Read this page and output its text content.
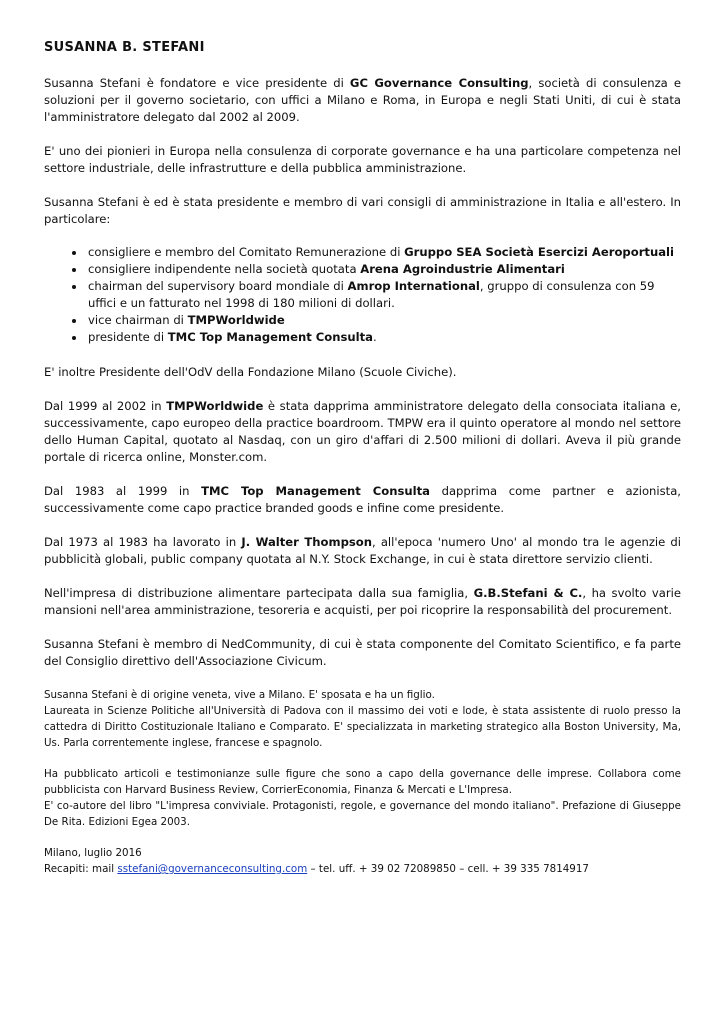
SUSANNA B. STEFANI

Susanna Stefani è fondatore e vice presidente di GC Governance Consulting, società di consulenza e soluzioni per il governo societario, con uffici a Milano e Roma, in Europa e negli Stati Uniti, di cui è stata l'amministratore delegato dal 2002 al 2009.

E' uno dei pionieri in Europa nella consulenza di corporate governance e ha una particolare competenza nel settore industriale, delle infrastrutture e della pubblica amministrazione.

Susanna Stefani è ed è stata presidente e membro di vari consigli di amministrazione in Italia e all'estero. In particolare:

• consigliere e membro del Comitato Remunerazione di Gruppo SEA Società Esercizi Aeroportuali
• consigliere indipendente nella società quotata Arena Agroindustrie Alimentari
• chairman del supervisory board mondiale di Amrop International, gruppo di consulenza con 59 uffici e un fatturato nel 1998 di 180 milioni di dollari.
• vice chairman di TMPWorldwide
• presidente di TMC Top Management Consulta.

E' inoltre Presidente dell'OdV della Fondazione Milano (Scuole Civiche).

Dal 1999 al 2002 in TMPWorldwide è stata dapprima amministratore delegato della consociata italiana e, successivamente, capo europeo della practice boardroom. TMPW era il quinto operatore al mondo nel settore dello Human Capital, quotato al Nasdaq, con un giro d'affari di 2.500 milioni di dollari. Aveva il più grande portale di ricerca online, Monster.com.

Dal 1983 al 1999 in TMC Top Management Consulta dapprima come partner e azionista, successivamente come capo practice branded goods e infine come presidente.

Dal 1973 al 1983 ha lavorato in J. Walter Thompson, all'epoca 'numero Uno' al mondo tra le agenzie di pubblicità globali, public company quotata al N.Y. Stock Exchange, in cui è stata direttore servizio clienti.

Nell'impresa di distribuzione alimentare partecipata dalla sua famiglia, G.B.Stefani & C., ha svolto varie mansioni nell'area amministrazione, tesoreria e acquisti, per poi ricoprire la responsabilità del procurement.

Susanna Stefani è membro di NedCommunity, di cui è stata componente del Comitato Scientifico, e fa parte del Consiglio direttivo dell'Associazione Civicum.

Susanna Stefani è di origine veneta, vive a Milano. E' sposata e ha un figlio.
Laureata in Scienze Politiche all'Università di Padova con il massimo dei voti e lode, è stata assistente di ruolo presso la cattedra di Diritto Costituzionale Italiano e Comparato. E' specializzata in marketing strategico alla Boston University, Ma, Us. Parla correntemente inglese, francese e spagnolo.

Ha pubblicato articoli e testimonianze sulle figure che sono a capo della governance delle imprese. Collabora come pubblicista con Harvard Business Review, CorrierEconomia, Finanza & Mercati e L'Impresa.
E' co-autore del libro "L'impresa conviviale. Protagonisti, regole, e governance del mondo italiano". Prefazione di Giuseppe De Rita. Edizioni Egea 2003.

Milano, luglio 2016
Recapiti: mail sstefani@governanceconsulting.com – tel. uff. + 39 02 72089850 – cell. + 39 335 7814917
